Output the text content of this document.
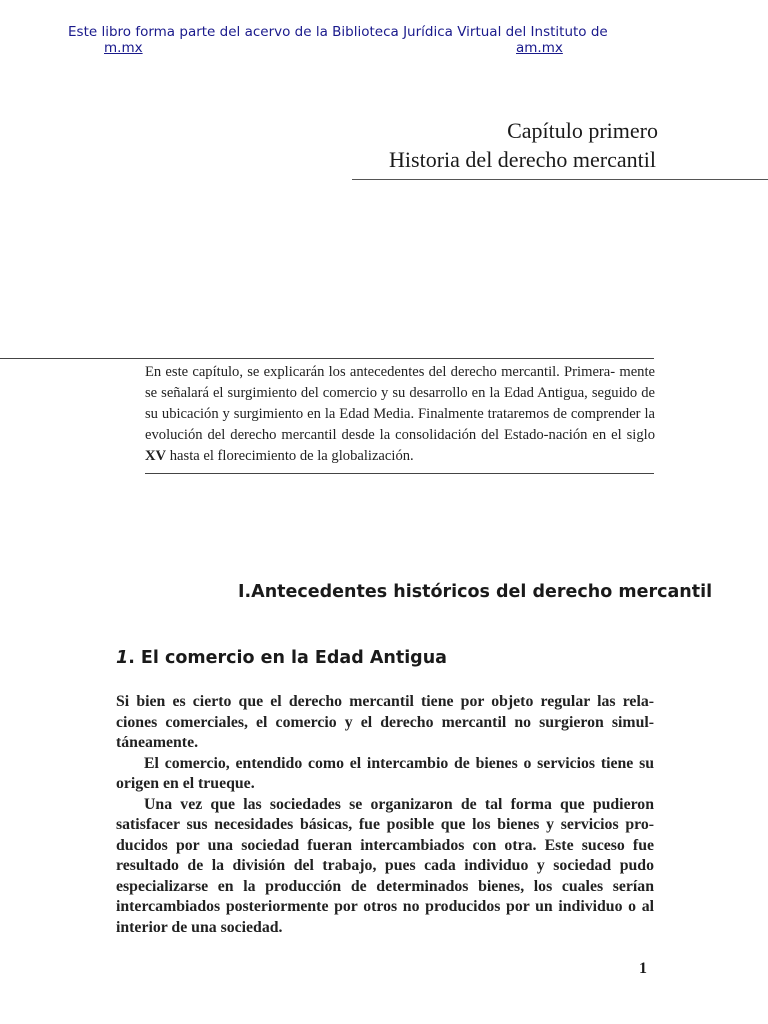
Este libro forma parte del acervo de la Biblioteca Jurídica Virtual del Instituto de
m.mx	am.mx
Capítulo primero
Historia del derecho mercantil

En este capítulo, se explicarán los antecedentes del derecho mercantil. Primera- mente se señalará el surgimiento del comercio y su desarrollo en la Edad Antigua, seguido de su ubicación y surgimiento en la Edad Media. Finalmente trataremos de comprender la evolución del derecho mercantil desde la consolidación del Estado-nación en el siglo XV hasta el florecimiento de la globalización.

I.Antecedentes históricos del derecho mercantil
1. El comercio en la Edad Antigua

Si bien es cierto que el derecho mercantil tiene por objeto regular las rela- ciones comerciales, el comercio y el derecho mercantil no surgieron simul- táneamente.

El comercio, entendido como el intercambio de bienes o servicios tiene su origen en el trueque.

Una vez que las sociedades se organizaron de tal forma que pudieron satisfacer sus necesidades básicas, fue posible que los bienes y servicios pro- ducidos por una sociedad fueran intercambiados con otra. Este suceso fue resultado de la división del trabajo, pues cada individuo y sociedad pudo especializarse en la producción de determinados bienes, los cuales serían intercambiados posteriormente por otros no producidos por un individuo o al interior de una sociedad.

1
